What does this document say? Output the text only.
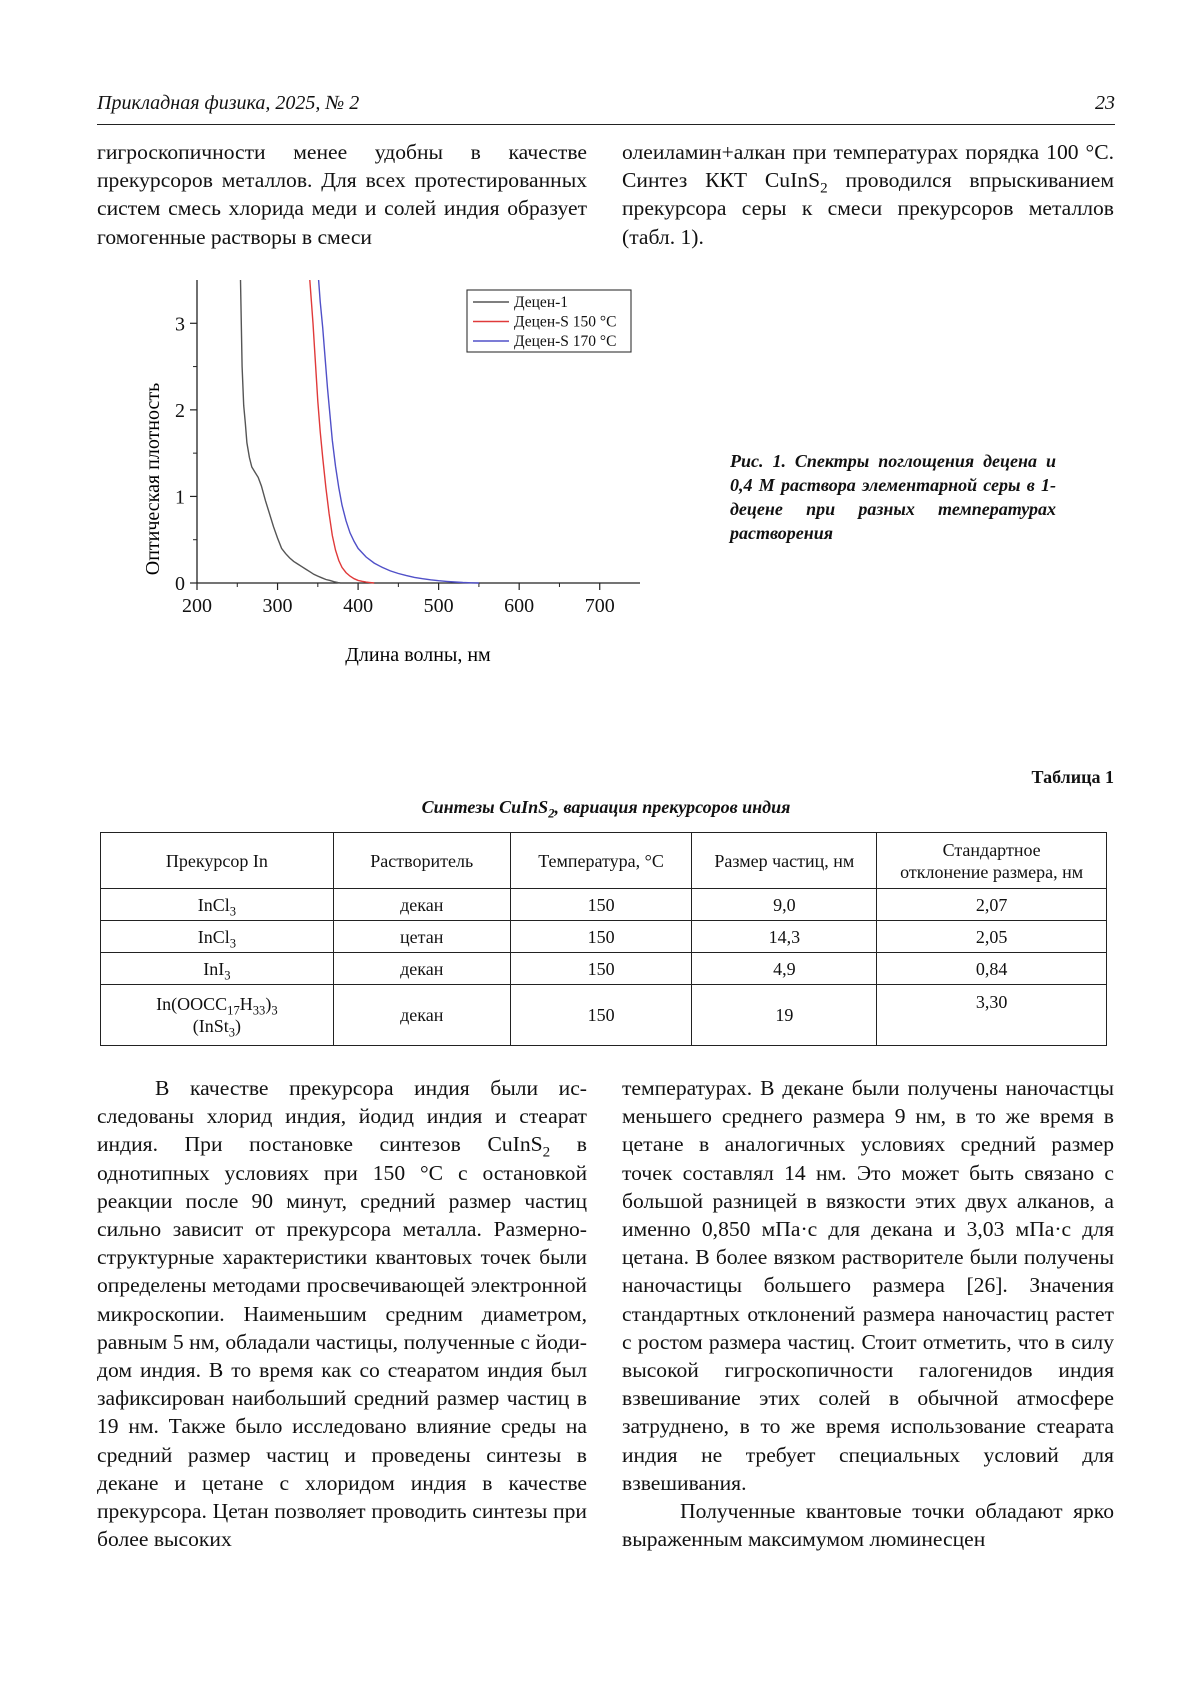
Прикладная физика, 2025, № 2	23

гигроскопичности менее удобны в качестве прекурсоров металлов. Для всех протестированных систем смесь хлорида меди и солей индия образует гомогенные растворы в смеси

олеиламин+алкан при температурах порядка 100 °C. Синтез ККТ CuInS$_2$ проводился впрыскиванием прекурсора серы к смеси прекурсоров металлов (табл. 1).

200	300	400	500	600	700
0
1
2
3
Децен-1
Децен-S 150 °C
Децен-S 170 °C
Длина волны, нм
Оптическая плотность	Рис. 1. Спектры поглощения децена и 0,4 М раствора элементарной серы в 1-децене при разных температурах растворения
Таблица 1
Синтезы CuInS$_2$, вариация прекурсоров индия
Прекурсор In	Растворитель	Температура, °C	Размер частиц, нм	Стандартное
отклонение размера, нм
InCl$_3$	декан	150	9,0	2,07
InCl$_3$	цетан	150	14,3	2,05
InI$_3$	декан	150	4,9	0,84
$In(OOCC_{17}H_{33})_3$
(InSt$_3$)	декан	150	19	3,30

В качестве прекурсора индия были исследованы хлорид индия, йодид индия и стеарат индия. При постановке синтезов CuInS$_2$ в однотипных условиях при 150 °C с остановкой реакции после 90 минут, средний размер частиц сильно зависит от прекурсора металла. Размерно-структурные характеристики квантовых точек были определены методами просвечивающей электронной микроскопии. Наименьшим средним диаметром, равным 5 нм, обладали частицы, полученные с йодидом индия. В то время как со стеаратом индия был зафиксирован наибольший средний размер частиц в 19 нм. Также было исследовано влияние среды на средний размер частиц и проведены синтезы в декане и цетане с хлоридом индия в качестве прекурсора. Цетан позволяет проводить синтезы при более высоких

температурах. В декане были получены наночастцы меньшего среднего размера 9 нм, в то же время в цетане в аналогичных условиях средний размер точек составлял 14 нм. Это может быть связано с большой разницей в вязкости этих двух алканов, а именно 0,850 мПа·с для декана и 3,03 мПа·с для цетана. В более вязком растворителе были получены наночастицы большего размера [26]. Значения стандартных отклонений размера наночастиц растет с ростом размера частиц. Стоит отметить, что в силу высокой гигроскопичности галогенидов индия взвешивание этих солей в обычной атмосфере затруднено, в то же время использование стеарата индия не требует специальных условий для взвешивания.

Полученные квантовые точки обладают ярко выраженным максимумом люминесцен
